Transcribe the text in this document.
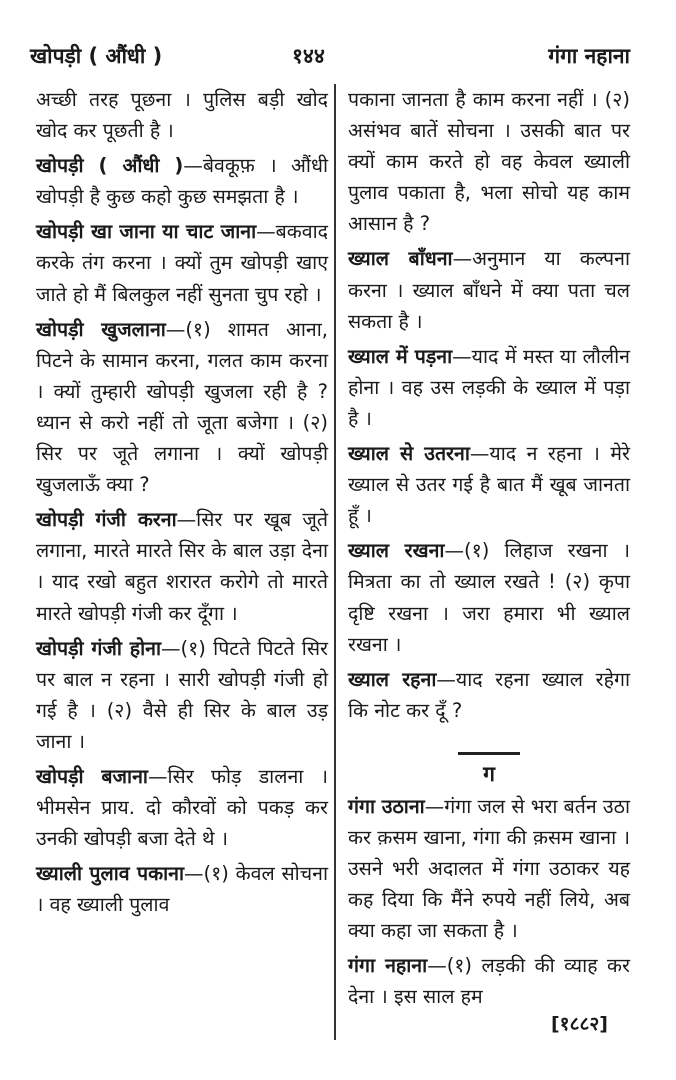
खोपड़ी ( औंधी )	१४४	गंगा नहाना

अच्छी तरह पूछना । पुलिस बड़ी खोद खोद कर पूछती है ।

खोपड़ी ( औंधी )—बेवकूफ़ । औंधी खोपड़ी है कुछ कहो कुछ समझता है ।

खोपड़ी खा जाना या चाट जाना—बकवाद करके तंग करना । क्यों तुम खोपड़ी खाए जाते हो मैं बिलकुल नहीं सुनता चुप रहो ।

खोपड़ी खुजलाना—(१) शामत आना, पिटने के सामान करना, गलत काम करना । क्यों तुम्हारी खोपड़ी खुजला रही है ? ध्यान से करो नहीं तो जूता बजेगा । (२) सिर पर जूते लगाना । क्यों खोपड़ी खुजलाऊँ क्या ?

खोपड़ी गंजी करना—सिर पर खूब जूते लगाना, मारते मारते सिर के बाल उड़ा देना । याद रखो बहुत शरारत करोगे तो मारते मारते खोपड़ी गंजी कर दूँगा ।

खोपड़ी गंजी होना—(१) पिटते पिटते सिर पर बाल न रहना । सारी खोपड़ी गंजी हो गई है । (२) वैसे ही सिर के बाल उड़ जाना ।

खोपड़ी बजाना—सिर फोड़ डालना । भीमसेन प्राय. दो कौरवों को पकड़ कर उनकी खोपड़ी बजा देते थे ।

ख्याली पुलाव पकाना—(१) केवल सोचना । वह ख्याली पुलाव

पकाना जानता है काम करना नहीं । (२) असंभव बातें सोचना । उसकी बात पर क्यों काम करते हो वह केवल ख्याली पुलाव पकाता है, भला सोचो यह काम आसान है ?

ख्याल बाँधना—अनुमान या कल्पना करना । ख्याल बाँधने में क्या पता चल सकता है ।

ख्याल में पड़ना—याद में मस्त या लौलीन होना । वह उस लड़की के ख्याल में पड़ा है ।

ख्याल से उतरना—याद न रहना । मेरे ख्याल से उतर गई है बात मैं खूब जानता हूँ ।

ख्याल रखना—(१) लिहाज रखना । मित्रता का तो ख्याल रखते ! (२) कृपा दृष्टि रखना । जरा हमारा भी ख्याल रखना ।

ख्याल रहना—याद रहना ख्याल रहेगा कि नोट कर दूँ ?

ग

गंगा उठाना—गंगा जल से भरा बर्तन उठा कर क़सम खाना, गंगा की क़सम खाना । उसने भरी अदालत में गंगा उठाकर यह कह दिया कि मैंने रुपये नहीं लिये, अब क्या कहा जा सकता है ।

गंगा नहाना—(१) लड़की की व्याह कर देना । इस साल हम

[१८८२]
